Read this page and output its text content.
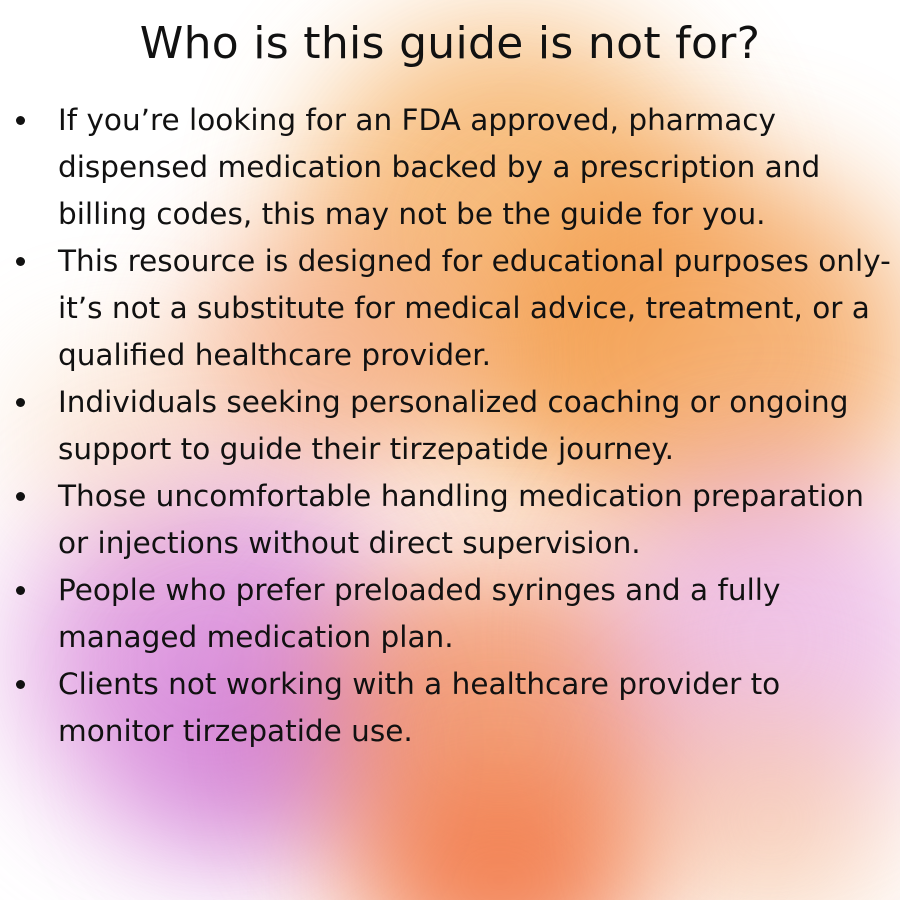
Who is this guide is not for?
If you’re looking for an FDA approved, pharmacy dispensed medication backed by a prescription and billing codes, this may not be the guide for you.
This resource is designed for educational purposes only- it’s not a substitute for medical advice, treatment, or a qualified healthcare provider.
Individuals seeking personalized coaching or ongoing support to guide their tirzepatide journey.
Those uncomfortable handling medication preparation or injections without direct supervision.
People who prefer preloaded syringes and a fully managed medication plan.
Clients not working with a healthcare provider to monitor tirzepatide use.
